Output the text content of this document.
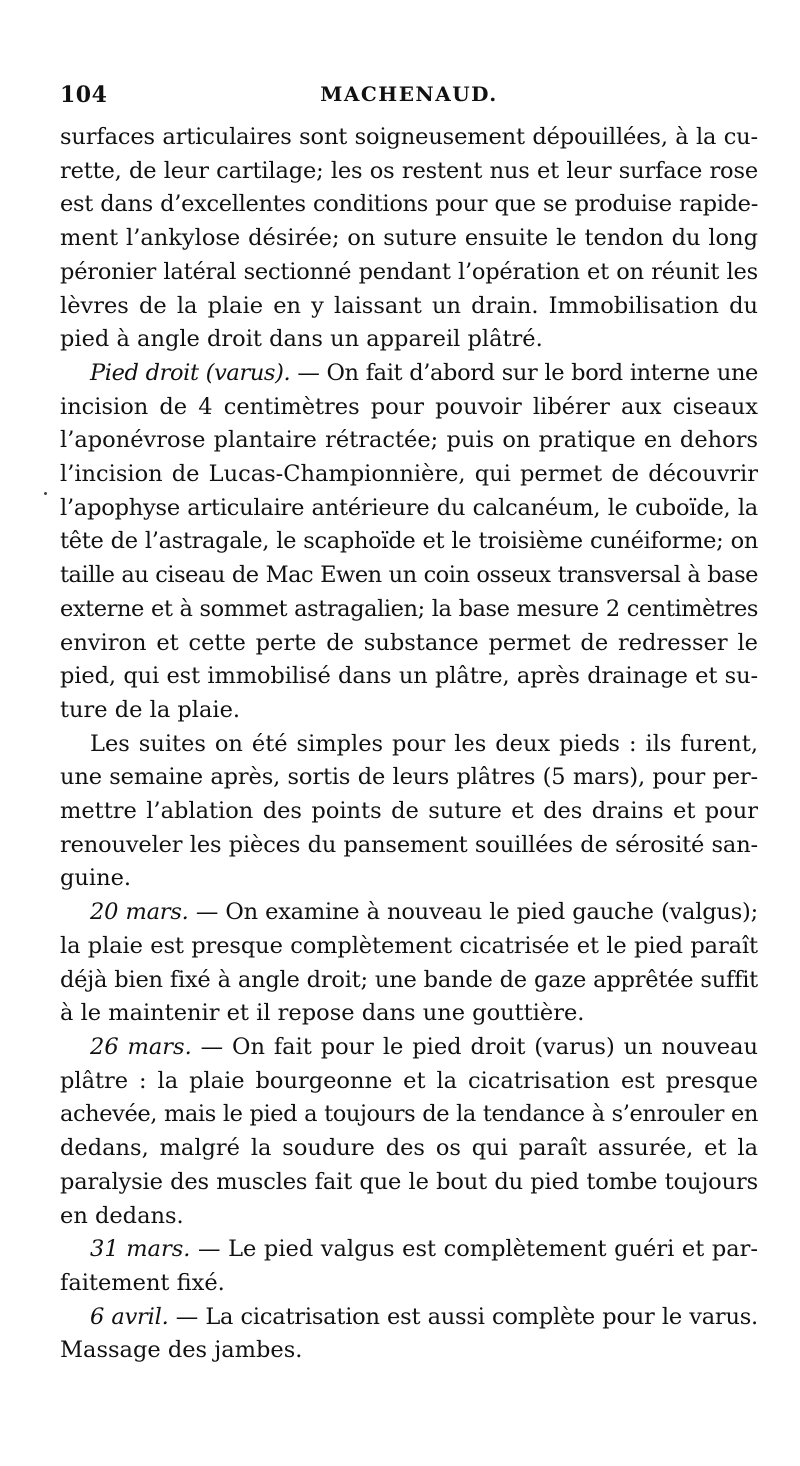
104	MACHENAUD.

surfaces articulaires sont soigneusement dépouillées, à la cu-
rette, de leur cartilage; les os restent nus et leur surface rose
est dans d’excellentes conditions pour que se produise rapide-
ment l’ankylose désirée; on suture ensuite le tendon du long
péronier latéral sectionné pendant l’opération et on réunit les
lèvres de la plaie en y laissant un drain. Immobilisation du
pied à angle droit dans un appareil plâtré.

Pied droit (varus). — On fait d’abord sur le bord interne une
incision de 4 centimètres pour pouvoir libérer aux ciseaux
l’aponévrose plantaire rétractée; puis on pratique en dehors
l’incision de Lucas-Championnière, qui permet de découvrir
l’apophyse articulaire antérieure du calcanéum, le cuboïde, la
tête de l’astragale, le scaphoïde et le troisième cunéiforme; on
taille au ciseau de Mac Ewen un coin osseux transversal à base
externe et à sommet astragalien; la base mesure 2 centimètres
environ et cette perte de substance permet de redresser le
pied, qui est immobilisé dans un plâtre, après drainage et su-
ture de la plaie.

Les suites on été simples pour les deux pieds : ils furent,
une semaine après, sortis de leurs plâtres (5 mars), pour per-
mettre l’ablation des points de suture et des drains et pour
renouveler les pièces du pansement souillées de sérosité san-
guine.

20 mars. — On examine à nouveau le pied gauche (valgus);
la plaie est presque complètement cicatrisée et le pied paraît
déjà bien fixé à angle droit; une bande de gaze apprêtée suffit
à le maintenir et il repose dans une gouttière.

26 mars. — On fait pour le pied droit (varus) un nouveau
plâtre : la plaie bourgeonne et la cicatrisation est presque
achevée, mais le pied a toujours de la tendance à s’enrouler en
dedans, malgré la soudure des os qui paraît assurée, et la
paralysie des muscles fait que le bout du pied tombe toujours
en dedans.

31 mars. — Le pied valgus est complètement guéri et par-
faitement fixé.

6 avril. — La cicatrisation est aussi complète pour le varus.
Massage des jambes.
